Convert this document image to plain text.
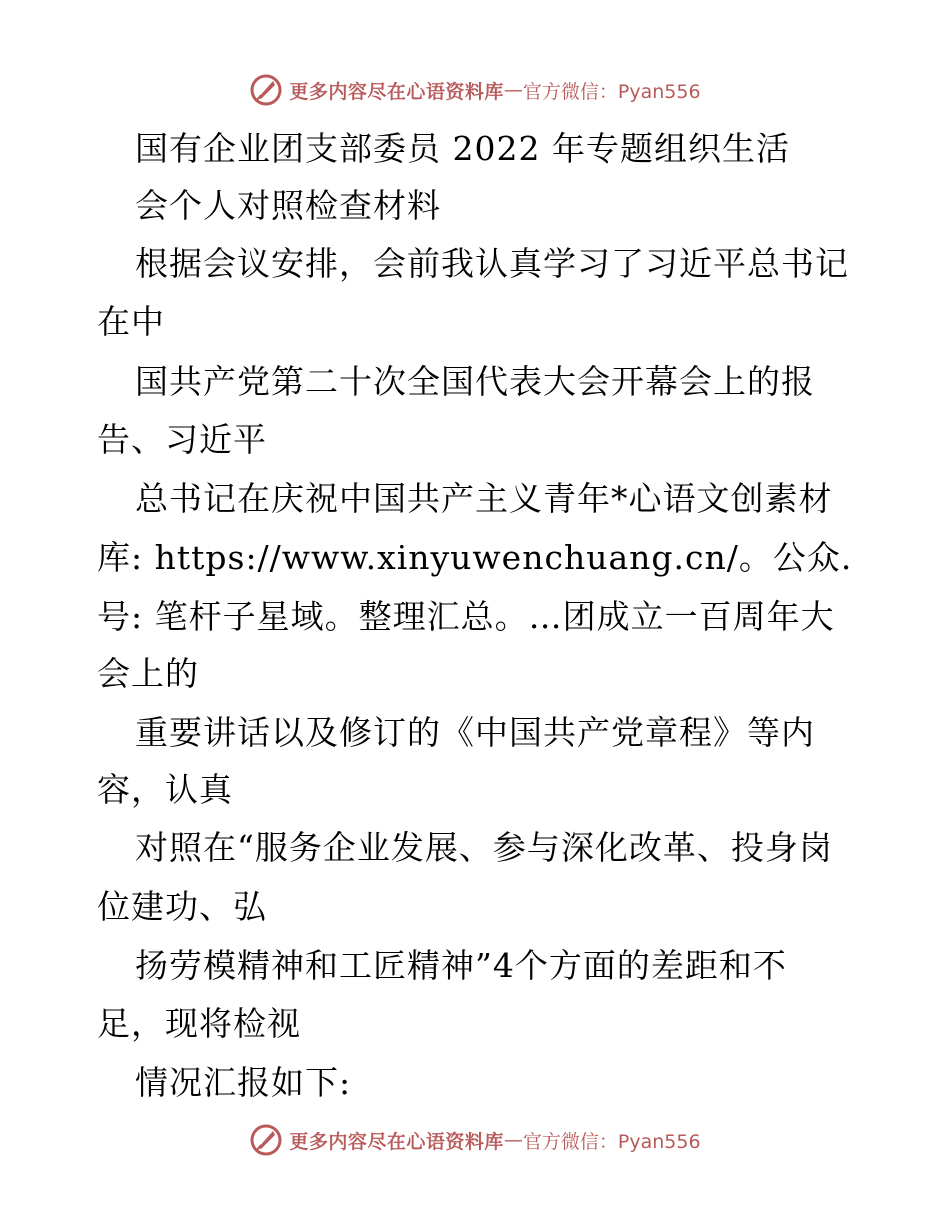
更多内容尽在心语资料库 — 官方微信：Pyan556
国有企业团支部委员 2022 年专题组织生活
会个人对照检查材料
根据会议安排，会前我认真学习了习近平总书记
在中
国共产党第二十次全国代表大会开幕会上的报
告、习近平
总书记在庆祝中国共产主义青年*心语文创素材
库: https://www.xinyuwenchuang.cn/。公众.
号: 笔杆子星域。整理汇总。…团成立一百周年大
会上的
重要讲话以及修订的《中国共产党章程》等内
容，认真
对照在“服务企业发展、参与深化改革、投身岗
位建功、弘
扬劳模精神和工匠精神”4个方面的差距和不
足，现将检视
情况汇报如下:
更多内容尽在心语资料库 — 官方微信：Pyan556
